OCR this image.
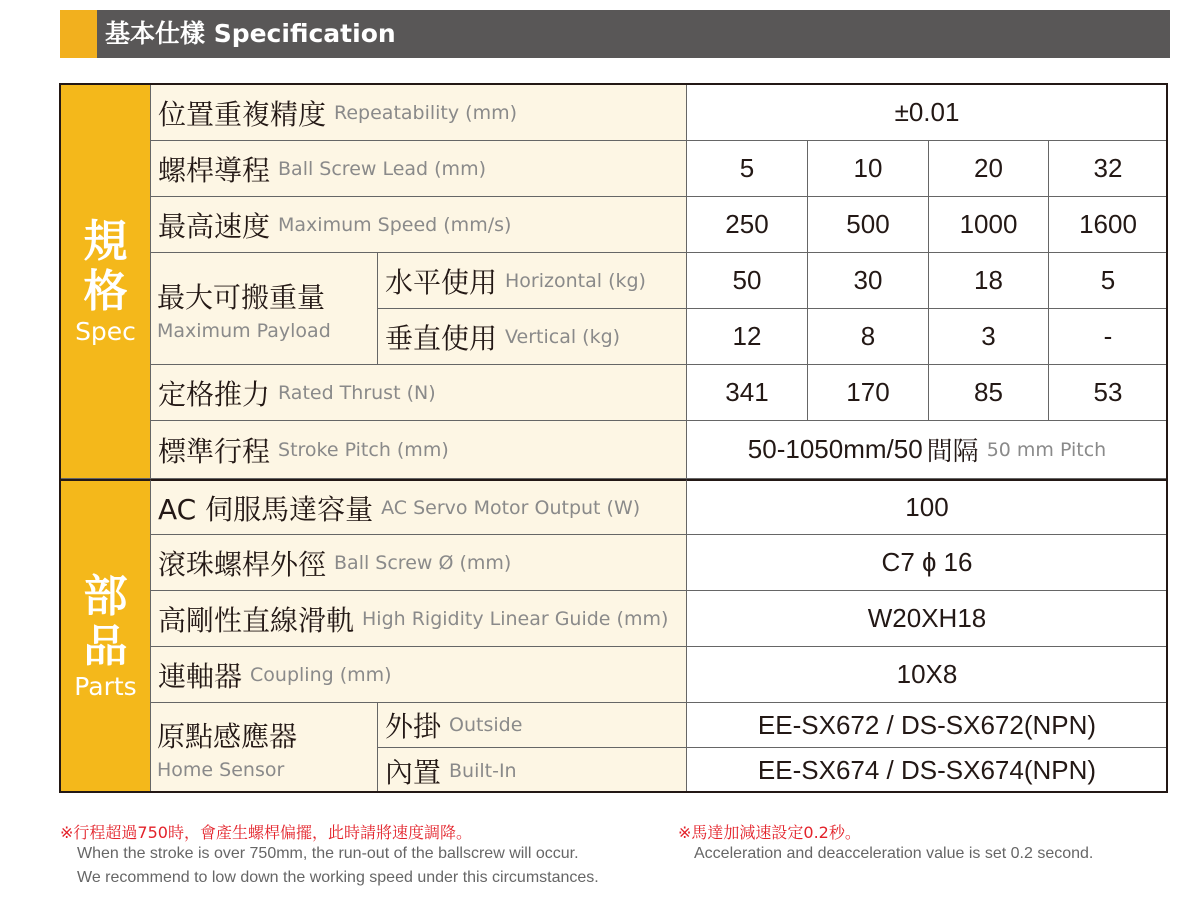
基本仕樣 Specification
規格
Spec
部品
Parts
位置重複精度 Repeatability (mm)	±0.01
螺桿導程 Ball Screw Lead (mm)	5	10	20	32
最高速度 Maximum Speed (mm/s)	250	500	1000	1600
最大可搬重量
Maximum Payload
水平使用 Horizontal (kg)	50	30	18	5
垂直使用 Vertical (kg)	12	8	3	-
定格推力 Rated Thrust (N)	341	170	85	53
標準行程 Stroke Pitch (mm)	50-1050mm/50 間隔 50 mm Pitch
AC 伺服馬達容量 AC Servo Motor Output (W)	100
滾珠螺桿外徑 Ball Screw Ø (mm)	C7 ɸ 16
高剛性直線滑軌 High Rigidity Linear Guide (mm)	W20XH18
連軸器 Coupling (mm)	10X8
原點感應器
Home Sensor
外掛 Outside	EE-SX672 / DS-SX672(NPN)
內置 Built-In	EE-SX674 / DS-SX674(NPN)
※行程超過750時，會產生螺桿偏擺，此時請將速度調降。
When the stroke is over 750mm, the run-out of the ballscrew will occur.
We recommend to low down the working speed under this circumstances.
※馬達加減速設定0.2秒。
Acceleration and deacceleration value is set 0.2 second.
